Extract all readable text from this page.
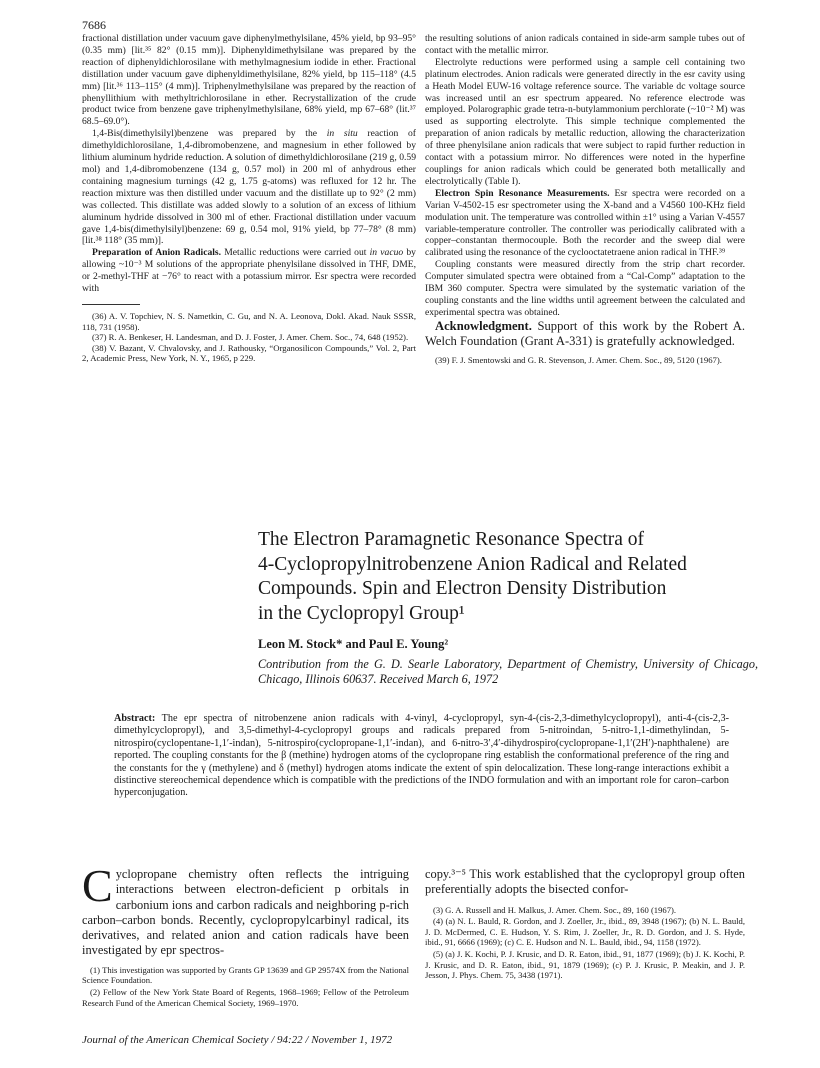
7686

fractional distillation under vacuum gave diphenylmethylsilane, 45% yield, bp 93–95° (0.35 mm) [lit.³⁵ 82° (0.15 mm)]. Diphenyldimethylsilane was prepared by the reaction of diphenyldichlorosilane with methylmagnesium iodide in ether. Fractional distillation under vacuum gave diphenyldimethylsilane, 82% yield, bp 115–118° (4.5 mm) [lit.³⁶ 113–115° (4 mm)]. Triphenylmethylsilane was prepared by the reaction of phenyllithium with methyltrichlorosilane in ether. Recrystallization of the crude product twice from benzene gave triphenylmethylsilane, 68% yield, mp 67–68° (lit.³⁷ 68.5–69.0°).

1,4-Bis(dimethylsilyl)benzene was prepared by the in situ reaction of dimethyldichlorosilane, 1,4-dibromobenzene, and magnesium in ether followed by lithium aluminum hydride reduction. A solution of dimethyldichlorosilane (219 g, 0.59 mol) and 1,4-dibromobenzene (134 g, 0.57 mol) in 200 ml of anhydrous ether containing magnesium turnings (42 g, 1.75 g-atoms) was refluxed for 12 hr. The reaction mixture was then distilled under vacuum and the distillate up to 92° (2 mm) was collected. This distillate was added slowly to a solution of an excess of lithium aluminum hydride dissolved in 300 ml of ether. Fractional distillation under vacuum gave 1,4-bis(dimethylsilyl)benzene: 69 g, 0.54 mol, 91% yield, bp 77–78° (8 mm) [lit.³⁸ 118° (35 mm)].

Preparation of Anion Radicals. Metallic reductions were carried out in vacuo by allowing ~10⁻³ M solutions of the appropriate phenylsilane dissolved in THF, DME, or 2-methyl-THF at −76° to react with a potassium mirror. Esr spectra were recorded with

(36) A. V. Topchiev, N. S. Nametkin, C. Gu, and N. A. Leonova, Dokl. Akad. Nauk SSSR, 118, 731 (1958).

(37) R. A. Benkeser, H. Landesman, and D. J. Foster, J. Amer. Chem. Soc., 74, 648 (1952).

(38) V. Bazant, V. Chvalovsky, and J. Rathousky, “Organosilicon Compounds,” Vol. 2, Part 2, Academic Press, New York, N. Y., 1965, p 229.

the resulting solutions of anion radicals contained in side-arm sample tubes out of contact with the metallic mirror.

Electrolyte reductions were performed using a sample cell containing two platinum electrodes. Anion radicals were generated directly in the esr cavity using a Heath Model EUW-16 voltage reference source. The variable dc voltage source was increased until an esr spectrum appeared. No reference electrode was employed. Polarographic grade tetra-n-butylammonium perchlorate (~10⁻² M) was used as supporting electrolyte. This simple technique complemented the preparation of anion radicals by metallic reduction, allowing the characterization of three phenylsilane anion radicals that were subject to rapid further reduction in contact with a potassium mirror. No differences were noted in the hyperfine couplings for anion radicals which could be generated both metallically and electrolytically (Table I).

Electron Spin Resonance Measurements. Esr spectra were recorded on a Varian V-4502-15 esr spectrometer using the X-band and a V4560 100-KHz field modulation unit. The temperature was controlled within ±1° using a Varian V-4557 variable-temperature controller. The controller was periodically calibrated with a copper–constantan thermocouple. Both the recorder and the sweep dial were calibrated using the resonance of the cyclooctatetraene anion radical in THF.³⁹

Coupling constants were measured directly from the strip chart recorder. Computer simulated spectra were obtained from a “Cal-Comp” adaptation to the IBM 360 computer. Spectra were simulated by the systematic variation of the coupling constants and the line widths until agreement between the calculated and experimental spectra was obtained.

Acknowledgment. Support of this work by the Robert A. Welch Foundation (Grant A-331) is gratefully acknowledged.

(39) F. J. Smentowski and G. R. Stevenson, J. Amer. Chem. Soc., 89, 5120 (1967).

The Electron Paramagnetic Resonance Spectra of
4-Cyclopropylnitrobenzene Anion Radical and Related
Compounds. Spin and Electron Density Distribution
in the Cyclopropyl Group¹
Leon M. Stock* and Paul E. Young²
Contribution from the G. D. Searle Laboratory, Department of Chemistry, University of Chicago, Chicago, Illinois 60637. Received March 6, 1972
Abstract: The epr spectra of nitrobenzene anion radicals with 4-vinyl, 4-cyclopropyl, syn-4-(cis-2,3-dimethylcyclopropyl), anti-4-(cis-2,3-dimethylcyclopropyl), and 3,5-dimethyl-4-cyclopropyl groups and radicals prepared from 5-nitroindan, 5-nitro-1,1-dimethylindan, 5-nitrospiro(cyclopentane-1,1′-indan), 5-nitrospiro(cyclopropane-1,1′-indan), and 6-nitro-3′,4′-dihydrospiro(cyclopropane-1,1′(2H′)-naphthalene) are reported. The coupling constants for the β (methine) hydrogen atoms of the cyclopropane ring establish the conformational preference of the ring and the constants for the γ (methylene) and δ (methyl) hydrogen atoms indicate the extent of spin delocalization. These long-range interactions exhibit a distinctive stereochemical dependence which is compatible with the predictions of the INDO formulation and with an important role for caron–carbon hyperconjugation.
Cyclopropane chemistry often reflects the intriguing interactions between electron-deficient p orbitals in carbonium ions and carbon radicals and neighboring p-rich carbon–carbon bonds. Recently, cyclopropylcarbinyl radical, its derivatives, and related anion and cation radicals have been investigated by epr spectros-

(1) This investigation was supported by Grants GP 13639 and GP 29574X from the National Science Foundation.

(2) Fellow of the New York State Board of Regents, 1968–1969; Fellow of the Petroleum Research Fund of the American Chemical Society, 1969–1970.

copy.³⁻⁵ This work established that the cyclopropyl group often preferentially adopts the bisected confor-

(3) G. A. Russell and H. Malkus, J. Amer. Chem. Soc., 89, 160 (1967).

(4) (a) N. L. Bauld, R. Gordon, and J. Zoeller, Jr., ibid., 89, 3948 (1967); (b) N. L. Bauld, J. D. McDermed, C. E. Hudson, Y. S. Rim, J. Zoeller, Jr., R. D. Gordon, and J. S. Hyde, ibid., 91, 6666 (1969); (c) C. E. Hudson and N. L. Bauld, ibid., 94, 1158 (1972).

(5) (a) J. K. Kochi, P. J. Krusic, and D. R. Eaton, ibid., 91, 1877 (1969); (b) J. K. Kochi, P. J. Krusic, and D. R. Eaton, ibid., 91, 1879 (1969); (c) P. J. Krusic, P. Meakin, and J. P. Jesson, J. Phys. Chem. 75, 3438 (1971).

Journal of the American Chemical Society / 94:22 / November 1, 1972
